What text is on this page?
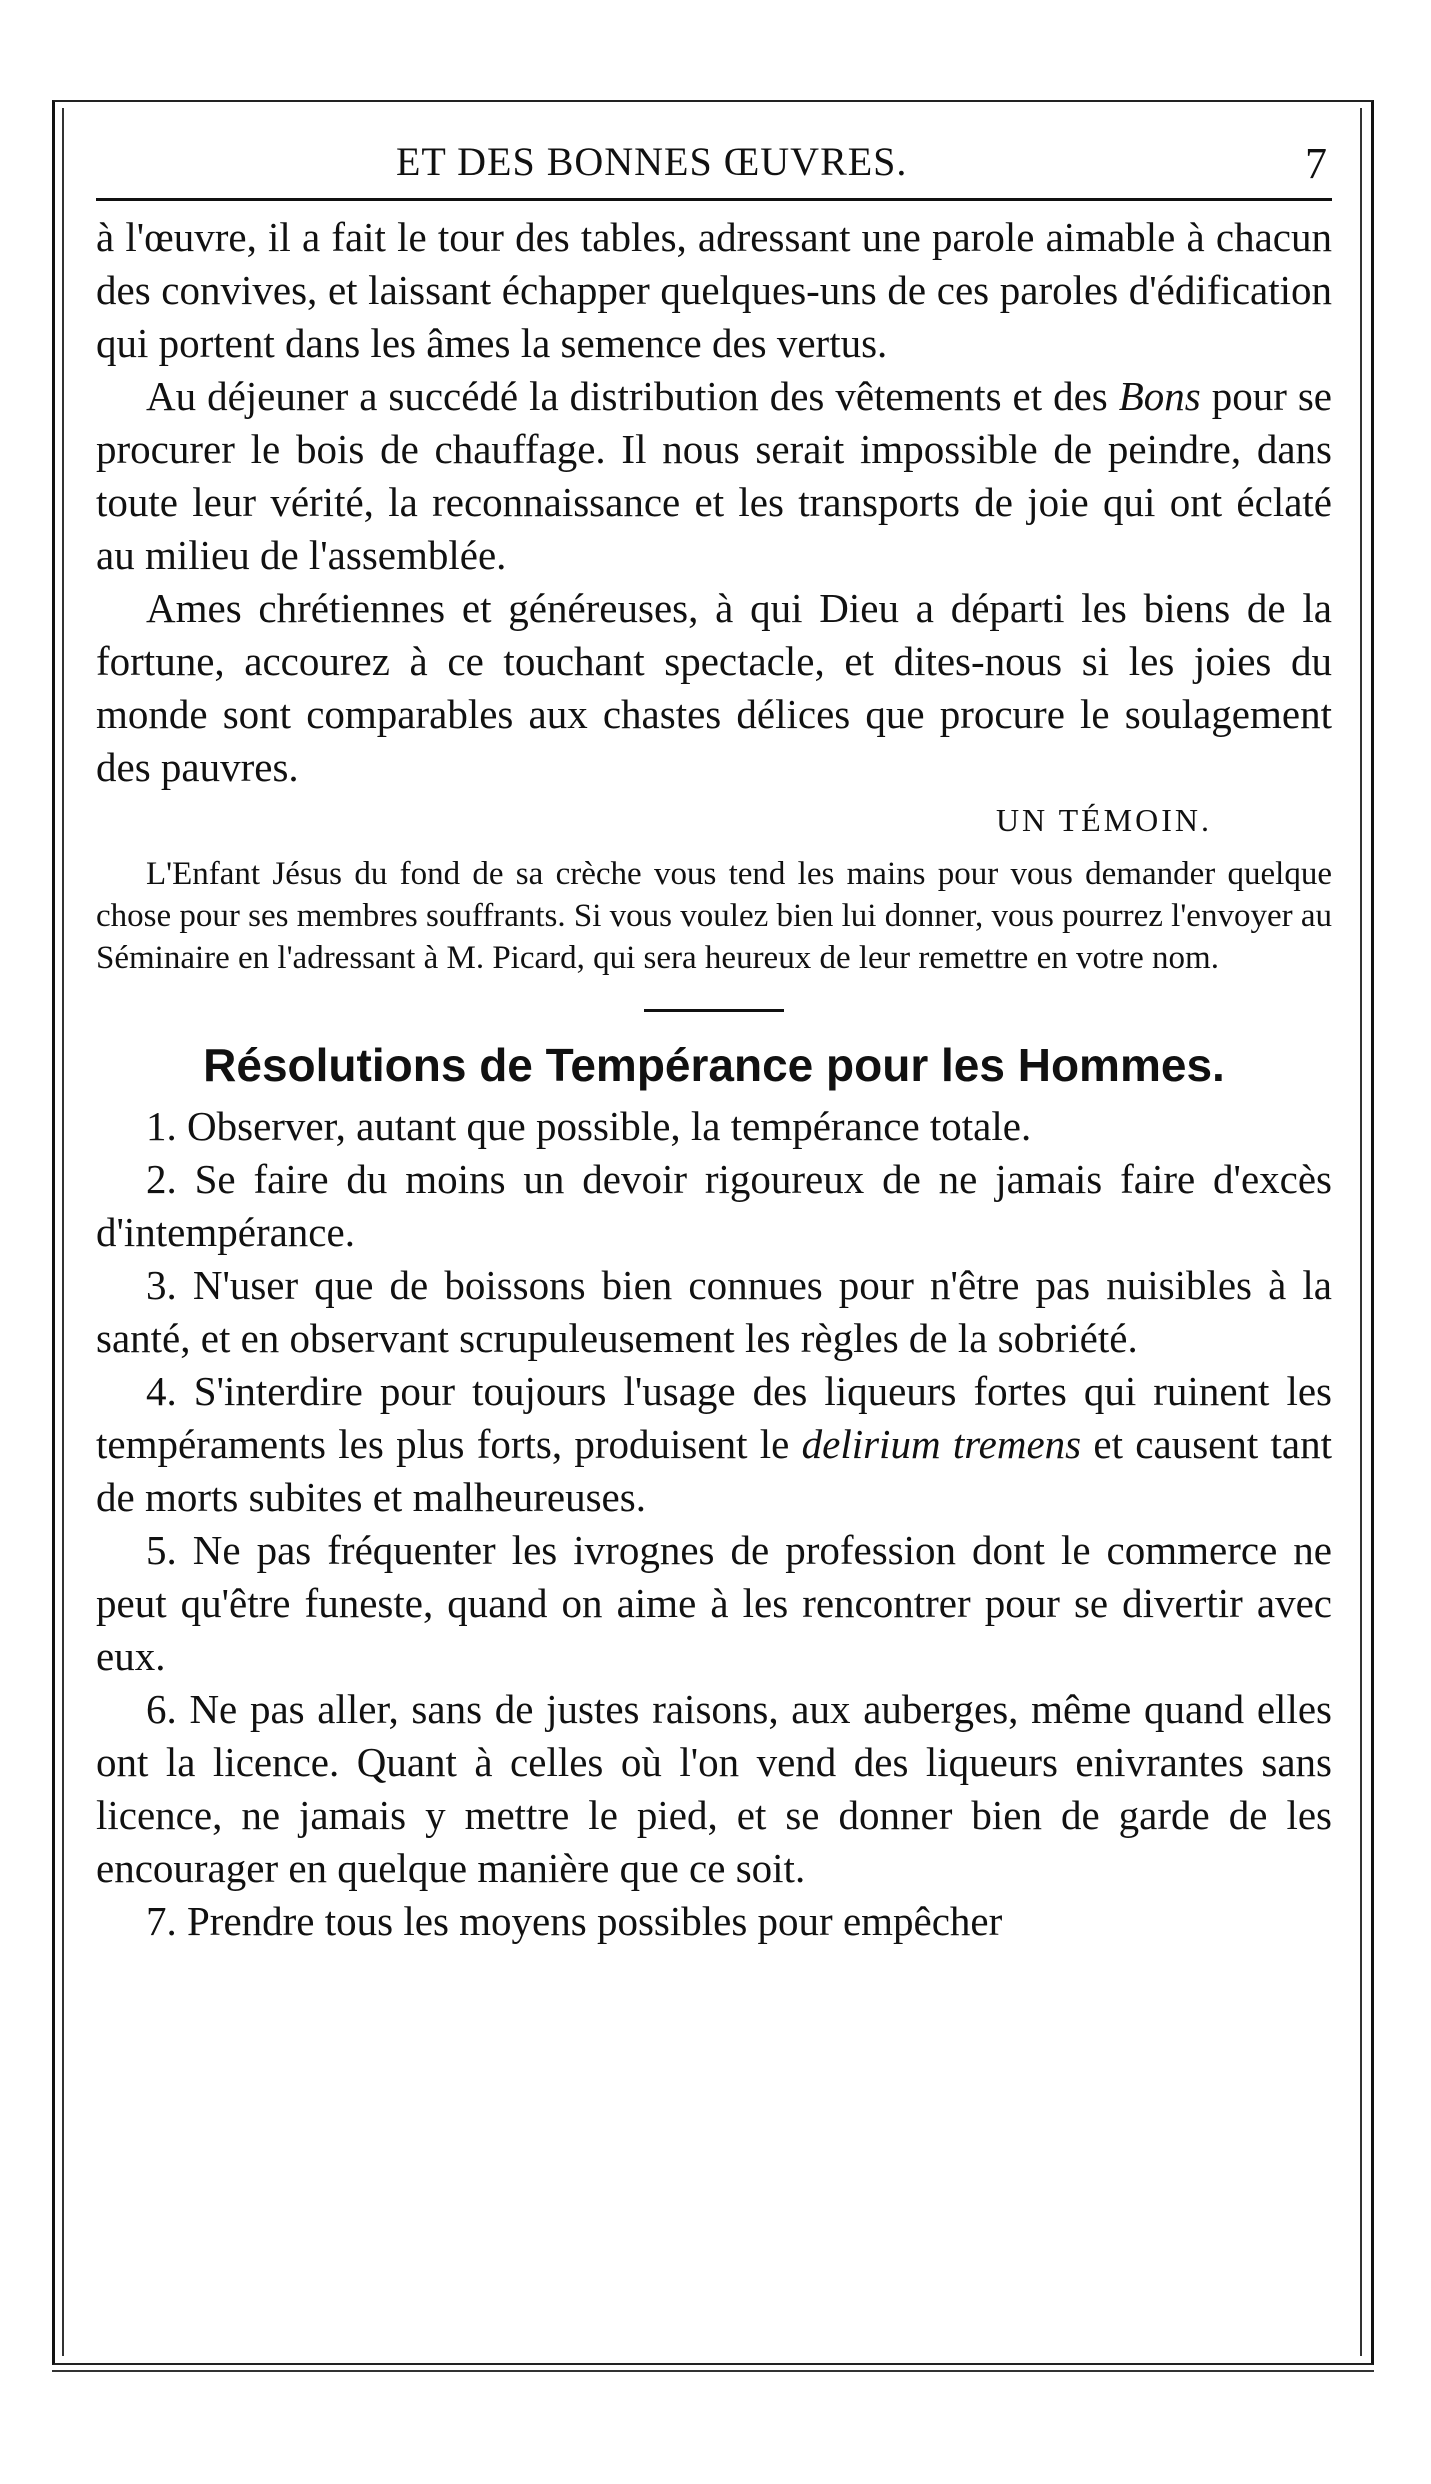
ET DES BONNES ŒUVRES.	7

à l'œuvre, il a fait le tour des tables, adressant une parole aimable à chacun des convives, et laissant échapper quelques-uns de ces paroles d'édification qui portent dans les âmes la semence des vertus.

Au déjeuner a succédé la distribution des vêtements et des Bons pour se procurer le bois de chauffage. Il nous serait impossible de peindre, dans toute leur vérité, la reconnaissance et les transports de joie qui ont éclaté au milieu de l'assemblée.

Ames chrétiennes et généreuses, à qui Dieu a départi les biens de la fortune, accourez à ce touchant spectacle, et dites-nous si les joies du monde sont comparables aux chastes délices que procure le soulagement des pauvres.

UN TÉMOIN.

L'Enfant Jésus du fond de sa crèche vous tend les mains pour vous demander quelque chose pour ses membres souffrants. Si vous voulez bien lui donner, vous pourrez l'envoyer au Séminaire en l'adressant à M. Picard, qui sera heureux de leur remettre en votre nom.

Résolutions de Tempérance pour les Hommes.

1. Observer, autant que possible, la tempérance totale.

2. Se faire du moins un devoir rigoureux de ne jamais faire d'excès d'intempérance.

3. N'user que de boissons bien connues pour n'être pas nuisibles à la santé, et en observant scrupuleusement les règles de la sobriété.

4. S'interdire pour toujours l'usage des liqueurs fortes qui ruinent les tempéraments les plus forts, produisent le delirium tremens et causent tant de morts subites et malheureuses.

5. Ne pas fréquenter les ivrognes de profession dont le commerce ne peut qu'être funeste, quand on aime à les rencontrer pour se divertir avec eux.

6. Ne pas aller, sans de justes raisons, aux auberges, même quand elles ont la licence. Quant à celles où l'on vend des liqueurs enivrantes sans licence, ne jamais y mettre le pied, et se donner bien de garde de les encourager en quelque manière que ce soit.

7. Prendre tous les moyens possibles pour empêcher
